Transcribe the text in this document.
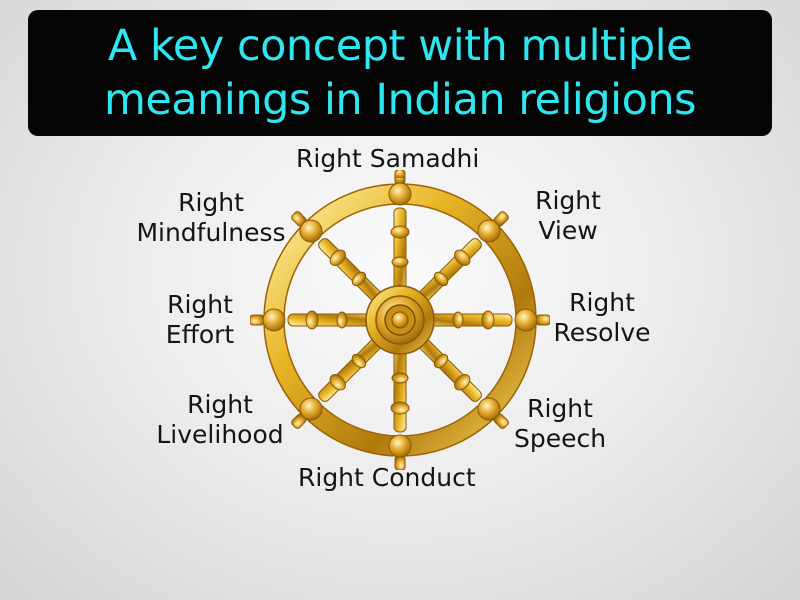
A key concept with multiple
meanings in Indian religions
Right Samadhi
Right
View
Right
Resolve
Right
Speech
Right Conduct
Right
Livelihood
Right
Effort
Right
Mindfulness
